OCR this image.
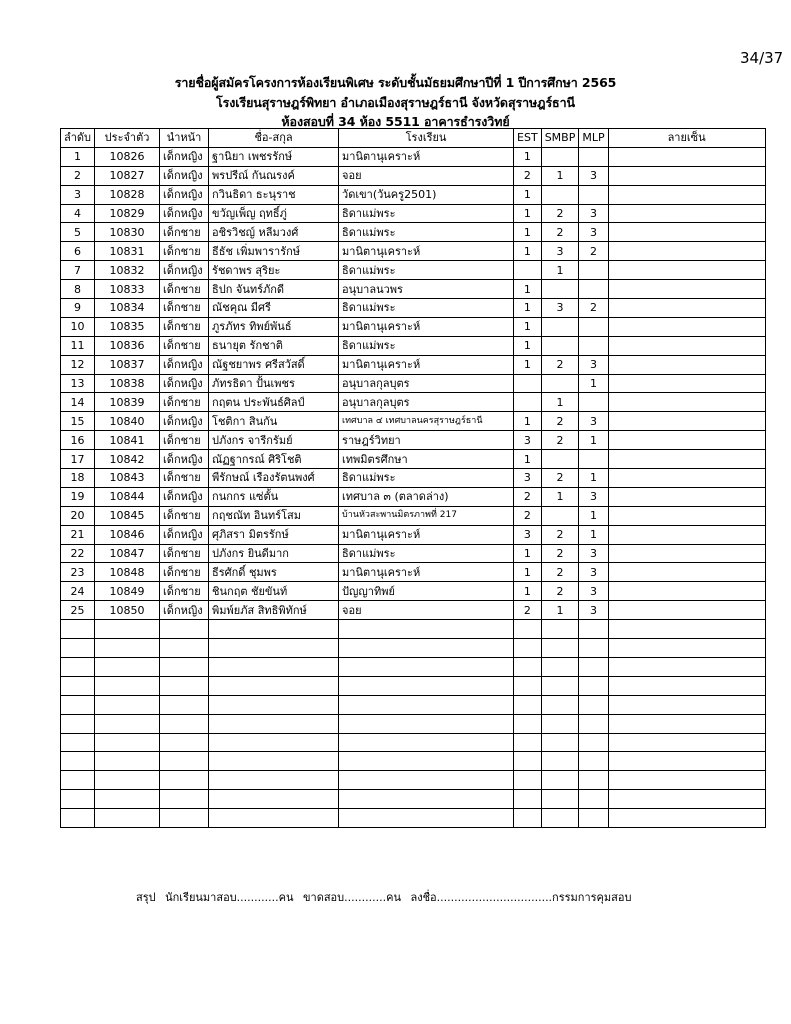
34/37
รายชื่อผู้สมัครโครงการห้องเรียนพิเศษ ระดับชั้นมัธยมศึกษาปีที่ 1 ปีการศึกษา 2565
โรงเรียนสุราษฎร์พิทยา อำเภอเมืองสุราษฎร์ธานี จังหวัดสุราษฎร์ธานี
ห้องสอบที่ 34 ห้อง 5511 อาคารธำรงวิทย์
ลำดับ	ประจำตัว	นำหน้า	ชื่อ-สกุล	โรงเรียน	EST	SMBP	MLP	ลายเซ็น
1	10826	เด็กหญิง	ฐานิยา เพชรรักษ์	มานิตานุเคราะห์	1			
2	10827	เด็กหญิง	พรปรีณ์ กันณรงค์	จอย	2	1	3	
3	10828	เด็กหญิง	กวินธิดา ธะนุราช	วัดเขา(วันครู2501)	1			
4	10829	เด็กหญิง	ขวัญเพ็ญ ฤทธิ์ภู่	ธิดาแม่พระ	1	2	3	
5	10830	เด็กชาย	อชิรวิชญ์ หลีมวงศ์	ธิดาแม่พระ	1	2	3	
6	10831	เด็กชาย	ธีธัช เพิ่มพารารักษ์	มานิตานุเคราะห์	1	3	2	
7	10832	เด็กหญิง	รัชดาพร สุริยะ	ธิดาแม่พระ		1		
8	10833	เด็กชาย	ธิปก จันทร์ภักดี	อนุบาลนวพร	1			
9	10834	เด็กชาย	ณัชคุณ มีศรี	ธิดาแม่พระ	1	3	2	
10	10835	เด็กชาย	ภูรภัทร ทิพย์พันธ์	มานิตานุเคราะห์	1			
11	10836	เด็กชาย	ธนายุต รักชาติ	ธิดาแม่พระ	1			
12	10837	เด็กหญิง	ณัฐชยาพร ศรีสวัสดิ์	มานิตานุเคราะห์	1	2	3	
13	10838	เด็กหญิง	ภัทรธิดา ปั้นเพชร	อนุบาลกุลบุตร			1	
14	10839	เด็กชาย	กฤตน ประพันธ์ศิลป์	อนุบาลกุลบุตร		1		
15	10840	เด็กหญิง	โชติกา สินกัน	เทศบาล ๔ เทศบาลนครสุราษฎร์ธานี	1	2	3	
16	10841	เด็กชาย	ปภังกร จารีกรัมย์	ราษฎร์วิทยา	3	2	1	
17	10842	เด็กหญิง	ณัฏฐากรณ์ ศิริโชติ	เทพมิตรศึกษา	1			
18	10843	เด็กชาย	พีรักษณ์ เรืองรัตนพงศ์	ธิดาแม่พระ	3	2	1	
19	10844	เด็กหญิง	กนกกร แซ่ตั้น	เทศบาล ๓ (ตลาดล่าง)	2	1	3	
20	10845	เด็กชาย	กฤชณัท อินทร์โสม	บ้านหัวสะพานมิตรภาพที่ 217	2		1	
21	10846	เด็กหญิง	ศุภิสรา มิตรรักษ์	มานิตานุเคราะห์	3	2	1	
22	10847	เด็กชาย	ปภังกร ยินดีมาก	ธิดาแม่พระ	1	2	3	
23	10848	เด็กชาย	ธีรศักดิ์ ชุมพร	มานิตานุเคราะห์	1	2	3	
24	10849	เด็กชาย	ชินกฤต ชัยขันท์	ปัญญาทิพย์	1	2	3	
25	10850	เด็กหญิง	พิมพ์ยภัส สิทธิพิทักษ์	จอย	2	1	3	

สรุป นักเรียนมาสอบ............คน ขาดสอบ............คน ลงชื่อ.................................กรรมการคุมสอบ
